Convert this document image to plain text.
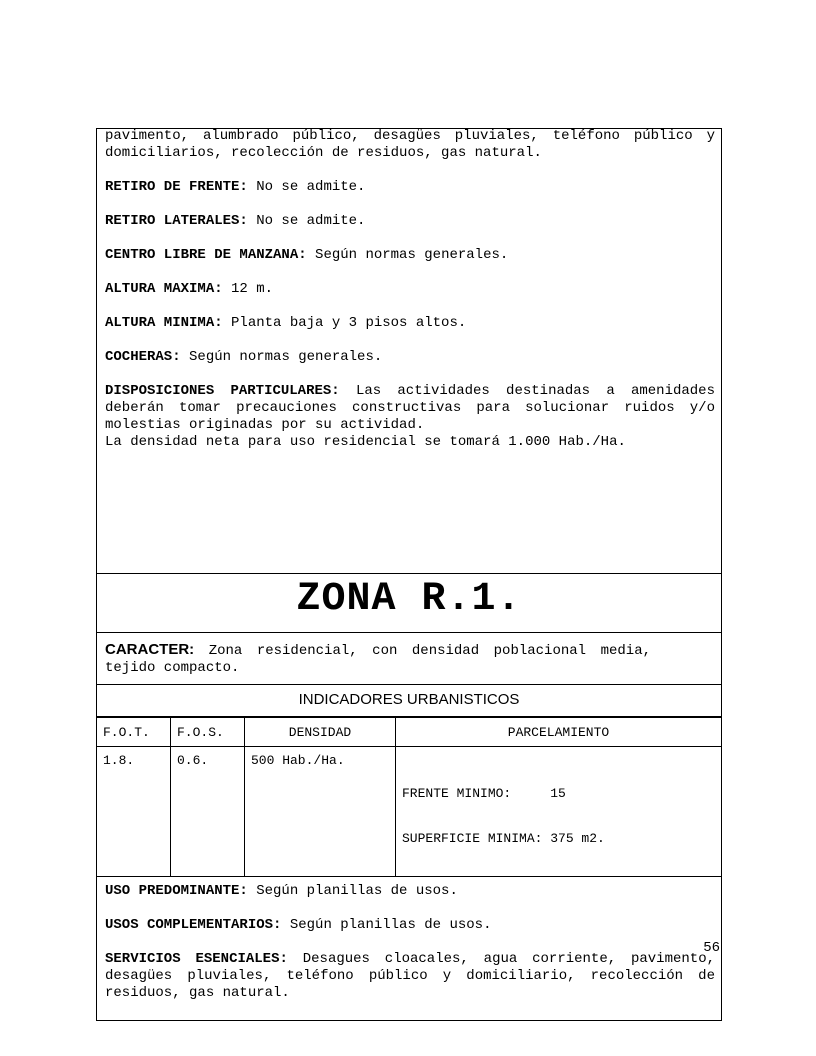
pavimento, alumbrado público, desagües pluviales, teléfono público y domiciliarios, recolección de residuos, gas natural.

RETIRO DE FRENTE: No se admite.

RETIRO LATERALES: No se admite.

CENTRO LIBRE DE MANZANA: Según normas generales.

ALTURA MAXIMA: 12 m.

ALTURA MINIMA: Planta baja y 3 pisos altos.

COCHERAS: Según normas generales.

DISPOSICIONES PARTICULARES: Las actividades destinadas a amenidades deberán tomar precauciones constructivas para solucionar ruidos y/o molestias originadas por su actividad.

La densidad neta para uso residencial se tomará 1.000 Hab./Ha.

ZONA R.1.

CARACTER: Zona residencial, con densidad poblacional media, tejido compacto.

INDICADORES URBANISTICOS
F.O.T.	F.O.S.	DENSIDAD	PARCELAMIENTO
1.8.	0.6.	500 Hab./Ha.	FRENTE MINIMO:     15

SUPERFICIE MINIMA: 375 m2.

USO PREDOMINANTE: Según planillas de usos.

USOS COMPLEMENTARIOS: Según planillas de usos.

SERVICIOS ESENCIALES: Desagues cloacales, agua corriente, pavimento, desagües pluviales, teléfono público y domiciliario, recolección de residuos, gas natural.

56
